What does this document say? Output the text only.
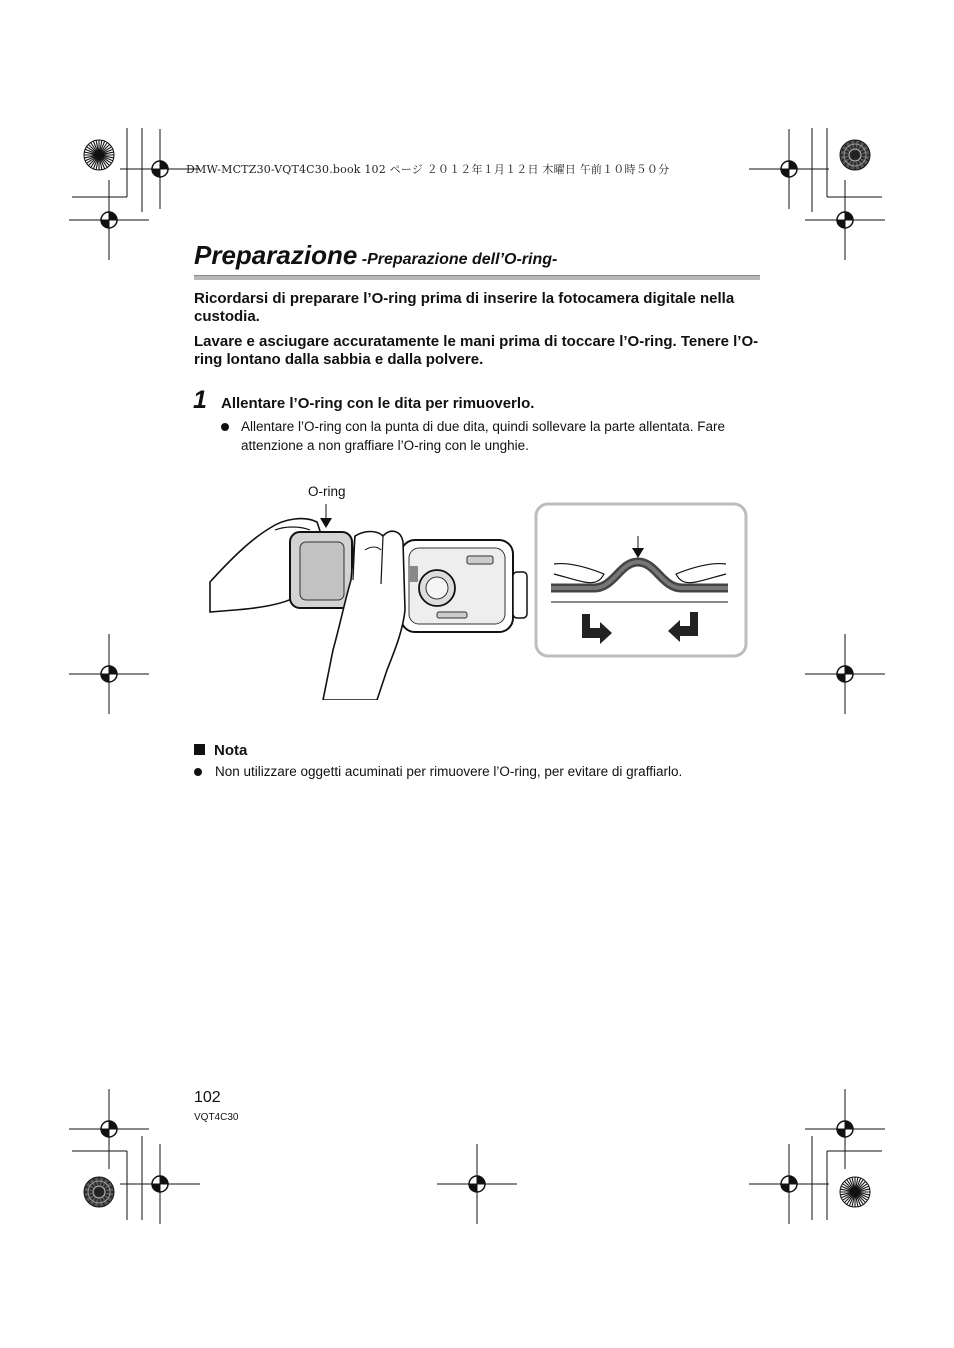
DMW-MCTZ30-VQT4C30.book 102 ページ ２０１２年１月１２日 木曜日 午前１０時５０分
Preparazione -Preparazione dell’O-ring-
Ricordarsi di preparare l’O-ring prima di inserire la fotocamera digitale nella custodia.
Lavare e asciugare accuratamente le mani prima di toccare l’O-ring. Tenere l’O-ring lontano dalla sabbia e dalla polvere.
1 Allentare l’O-ring con le dita per rimuoverlo.
Allentare l’O-ring con la punta di due dita, quindi sollevare la parte allentata. Fare attenzione a non graffiare l’O-ring con le unghie.
O-ring
Nota
Non utilizzare oggetti acuminati per rimuovere l’O-ring, per evitare di graffiarlo.
102
VQT4C30
